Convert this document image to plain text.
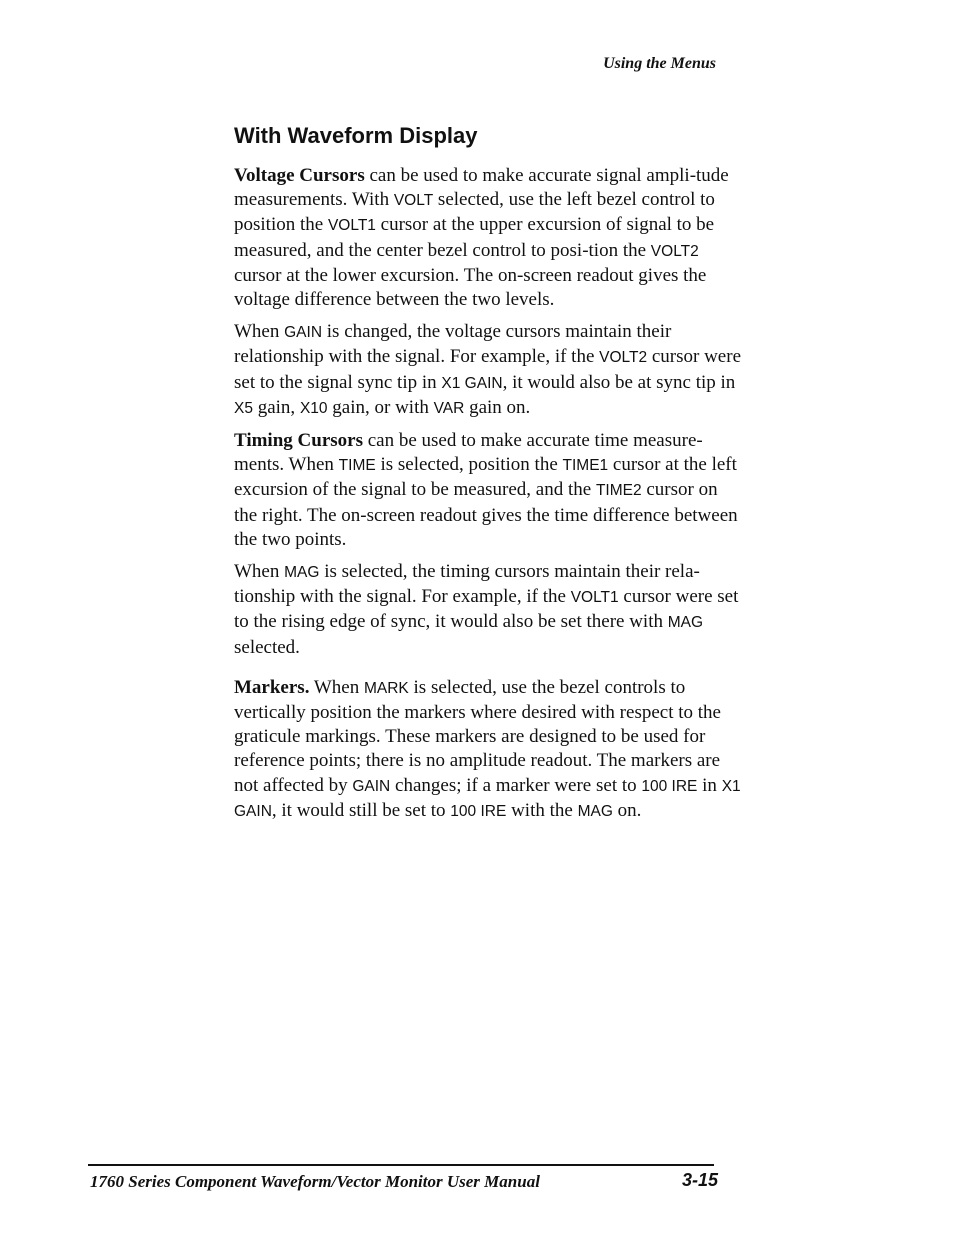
Using the Menus

With Waveform Display

Voltage Cursors can be used to make accurate signal ampli-tude measurements. With VOLT selected, use the left bezel control to position the VOLT1 cursor at the upper excursion of signal to be measured, and the center bezel control to posi-tion the VOLT2 cursor at the lower excursion. The on-screen readout gives the voltage difference between the two levels.

When GAIN is changed, the voltage cursors maintain their relationship with the signal. For example, if the VOLT2 cursor were set to the signal sync tip in X1 GAIN, it would also be at sync tip in X5 gain, X10 gain, or with VAR gain on.

Timing Cursors can be used to make accurate time measure-ments. When TIME is selected, position the TIME1 cursor at the left excursion of the signal to be measured, and the TIME2 cursor on the right. The on-screen readout gives the time difference between the two points.

When MAG is selected, the timing cursors maintain their rela-tionship with the signal. For example, if the VOLT1 cursor were set to the rising edge of sync, it would also be set there with MAG selected.

Markers. When MARK is selected, use the bezel controls to vertically position the markers where desired with respect to the graticule markings. These markers are designed to be used for reference points; there is no amplitude readout. The markers are not affected by GAIN changes; if a marker were set to 100 IRE in X1 GAIN, it would still be set to 100 IRE with the MAG on.

1760 Series Component Waveform/Vector Monitor User Manual	3-15
